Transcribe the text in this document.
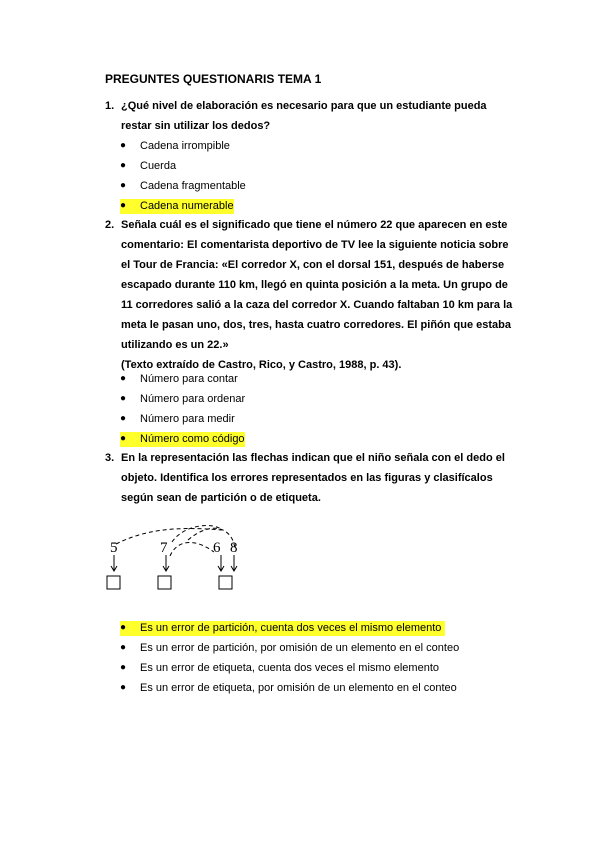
PREGUNTES QUESTIONARIS TEMA 1
1. ¿Qué nivel de elaboración es necesario para que un estudiante pueda
restar sin utilizar los dedos?
● Cadena irrompible
● Cuerda
● Cadena fragmentable
● Cadena numerable
2. Señala cuál es el significado que tiene el número 22 que aparecen en este
comentario: El comentarista deportivo de TV lee la siguiente noticia sobre
el Tour de Francia: «El corredor X, con el dorsal 151, después de haberse
escapado durante 110 km, llegó en quinta posición a la meta. Un grupo de
11 corredores salió a la caza del corredor X. Cuando faltaban 10 km para la
meta le pasan uno, dos, tres, hasta cuatro corredores. El piñón que estaba
utilizando es un 22.»
(Texto extraído de Castro, Rico, y Castro, 1988, p. 43).
● Número para contar
● Número para ordenar
● Número para medir
● Número como código
3. En la representación las flechas indican que el niño señala con el dedo el
objeto. Identifica los errores representados en las figuras y clasifícalos
según sean de partición o de etiqueta.
5	7	6 8
● Es un error de partición, cuenta dos veces el mismo elemento
● Es un error de partición, por omisión de un elemento en el conteo
● Es un error de etiqueta, cuenta dos veces el mismo elemento
● Es un error de etiqueta, por omisión de un elemento en el conteo
